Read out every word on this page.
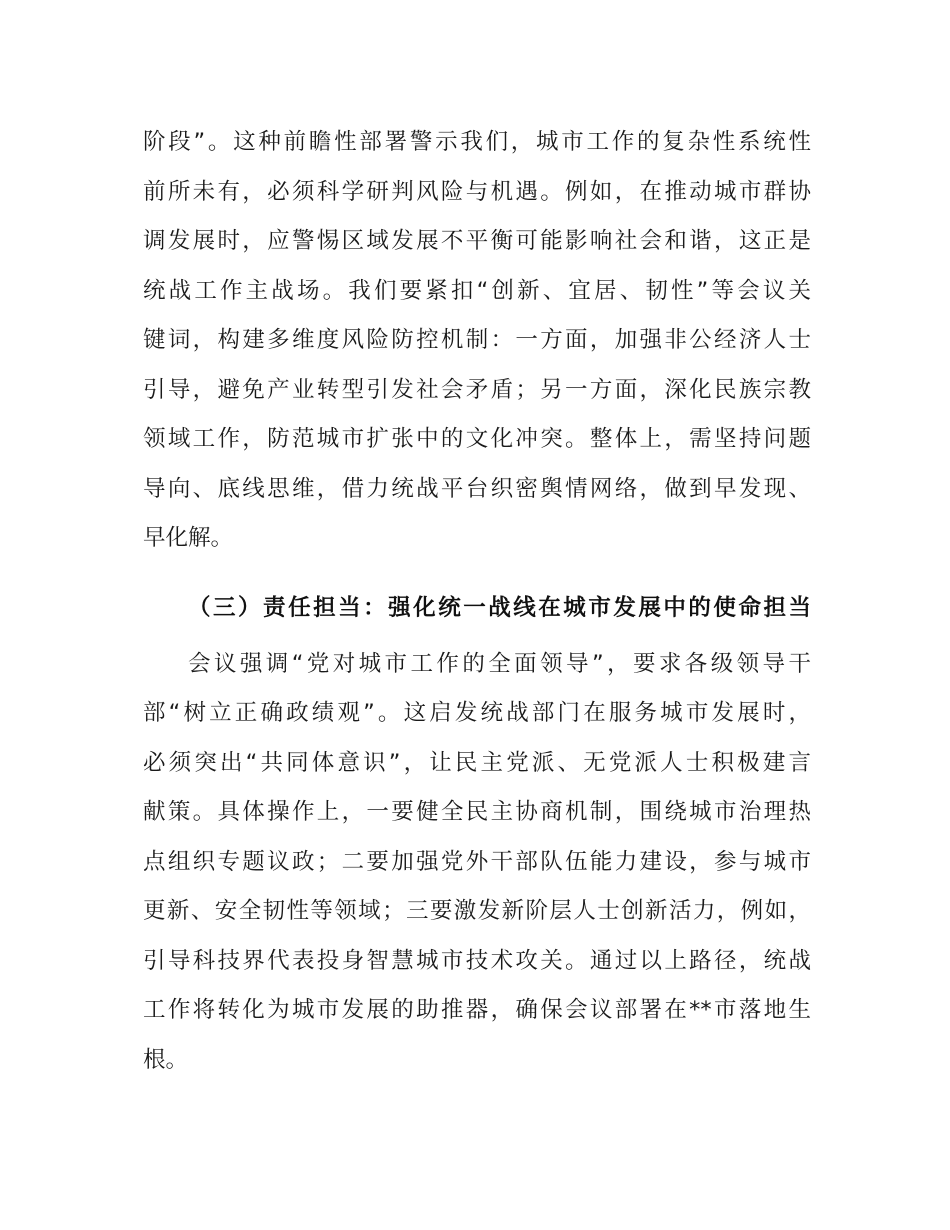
阶段”。这种前瞻性部署警示我们，城市工作的复杂性系统性
前所未有，必须科学研判风险与机遇。例如，在推动城市群协
调发展时，应警惕区域发展不平衡可能影响社会和谐，这正是
统战工作主战场。我们要紧扣“创新、宜居、韧性”等会议关
键词，构建多维度风险防控机制：一方面，加强非公经济人士
引导，避免产业转型引发社会矛盾；另一方面，深化民族宗教
领域工作，防范城市扩张中的文化冲突。整体上，需坚持问题
导向、底线思维，借力统战平台织密舆情网络，做到早发现、
早化解。
（三）责任担当：强化统一战线在城市发展中的使命担当
会议强调“党对城市工作的全面领导”，要求各级领导干
部“树立正确政绩观”。这启发统战部门在服务城市发展时，
必须突出“共同体意识”，让民主党派、无党派人士积极建言
献策。具体操作上，一要健全民主协商机制，围绕城市治理热
点组织专题议政；二要加强党外干部队伍能力建设，参与城市
更新、安全韧性等领域；三要激发新阶层人士创新活力，例如，
引导科技界代表投身智慧城市技术攻关。通过以上路径，统战
工作将转化为城市发展的助推器，确保会议部署在**市落地生
根。
